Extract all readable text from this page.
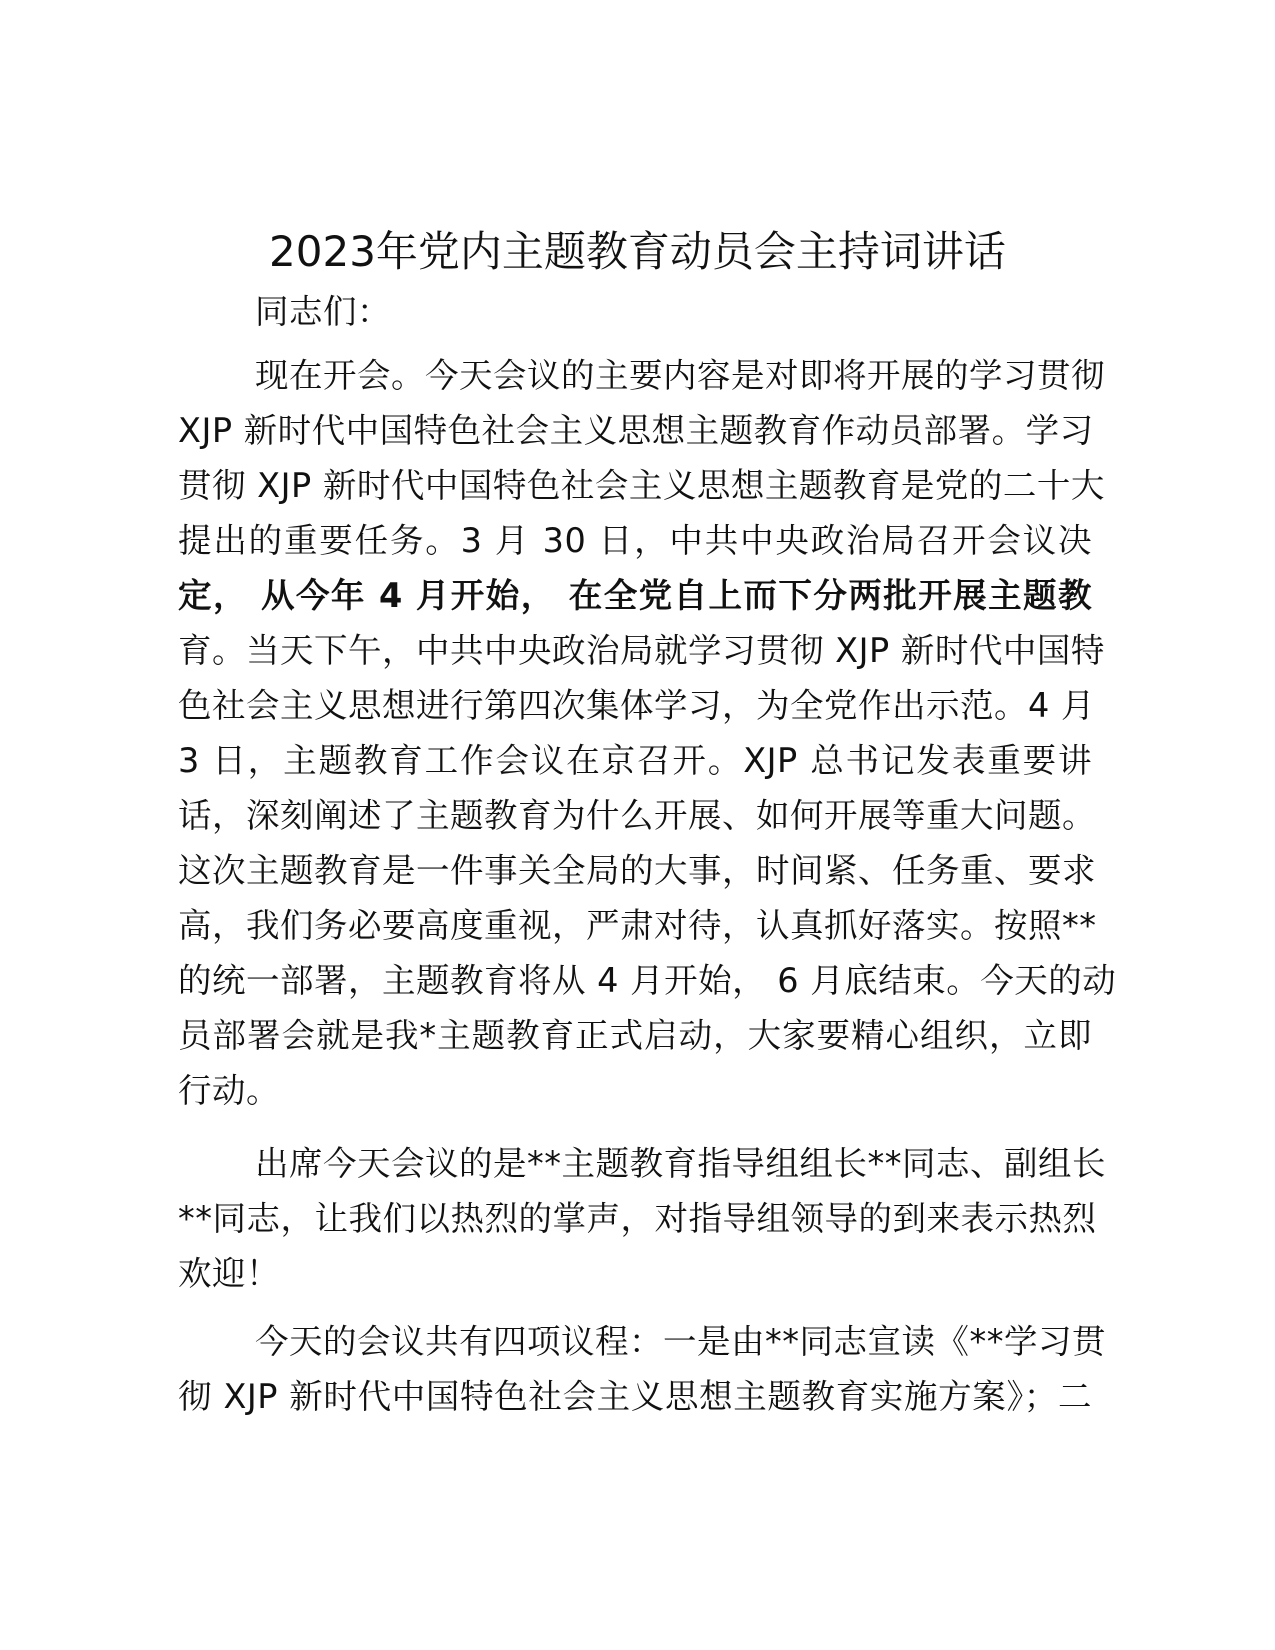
2023年党内主题教育动员会主持词讲话
同志们：
现在开会。今天会议的主要内容是对即将开展的学习贯彻
XJP 新时代中国特色社会主义思想主题教育作动员部署。学习
贯彻 XJP 新时代中国特色社会主义思想主题教育是党的二十大
提出的重要任务。3 月 30 日，中共中央政治局召开会议决
定， 从今年 4 月开始， 在全党自上而下分两批开展主题教
育。当天下午，中共中央政治局就学习贯彻 XJP 新时代中国特
色社会主义思想进行第四次集体学习，为全党作出示范。4 月
3 日，主题教育工作会议在京召开。XJP 总书记发表重要讲
话，深刻阐述了主题教育为什么开展、如何开展等重大问题。
这次主题教育是一件事关全局的大事，时间紧、任务重、要求
高，我们务必要高度重视，严肃对待，认真抓好落实。按照**
的统一部署，主题教育将从 4 月开始， 6 月底结束。今天的动
员部署会就是我*主题教育正式启动，大家要精心组织，立即
行动。
出席今天会议的是**主题教育指导组组长**同志、副组长
**同志，让我们以热烈的掌声，对指导组领导的到来表示热烈
欢迎！
今天的会议共有四项议程：一是由**同志宣读《**学习贯
彻 XJP 新时代中国特色社会主义思想主题教育实施方案》；二
